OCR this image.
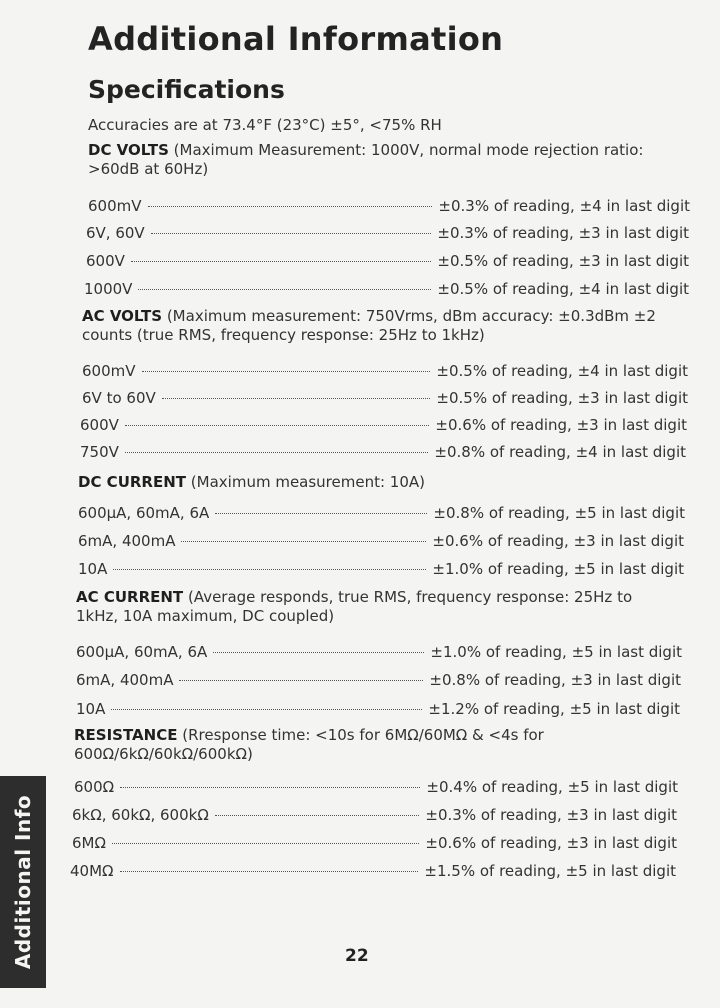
Additional Information
Specifications
Accuracies are at 73.4°F (23°C) ±5°, <75% RH
DC VOLTS (Maximum Measurement: 1000V, normal mode rejection ratio: >60dB at 60Hz)
600mV	±0.3% of reading, ±4 in last digit
6V, 60V	±0.3% of reading, ±3 in last digit
600V	±0.5% of reading, ±3 in last digit
1000V	±0.5% of reading, ±4 in last digit
AC VOLTS (Maximum measurement: 750Vrms, dBm accuracy: ±0.3dBm ±2 counts (true RMS, frequency response: 25Hz to 1kHz)
600mV	±0.5% of reading, ±4 in last digit
6V to 60V	±0.5% of reading, ±3 in last digit
600V	±0.6% of reading, ±3 in last digit
750V	±0.8% of reading, ±4 in last digit
DC CURRENT (Maximum measurement: 10A)
600μA, 60mA, 6A	±0.8% of reading, ±5 in last digit
6mA, 400mA	±0.6% of reading, ±3 in last digit
10A	±1.0% of reading, ±5 in last digit
AC CURRENT (Average responds, true RMS, frequency response: 25Hz to 1kHz, 10A maximum, DC coupled)
600μA, 60mA, 6A	±1.0% of reading, ±5 in last digit
6mA, 400mA	±0.8% of reading, ±3 in last digit
10A	±1.2% of reading, ±5 in last digit
RESISTANCE (Rresponse time: <10s for 6MΩ/60MΩ & <4s for 600Ω/6kΩ/60kΩ/600kΩ)
600Ω	±0.4% of reading, ±5 in last digit
6kΩ, 60kΩ, 600kΩ	±0.3% of reading, ±3 in last digit
6MΩ	±0.6% of reading, ±3 in last digit
40MΩ	±1.5% of reading, ±5 in last digit
Additional Info	22
